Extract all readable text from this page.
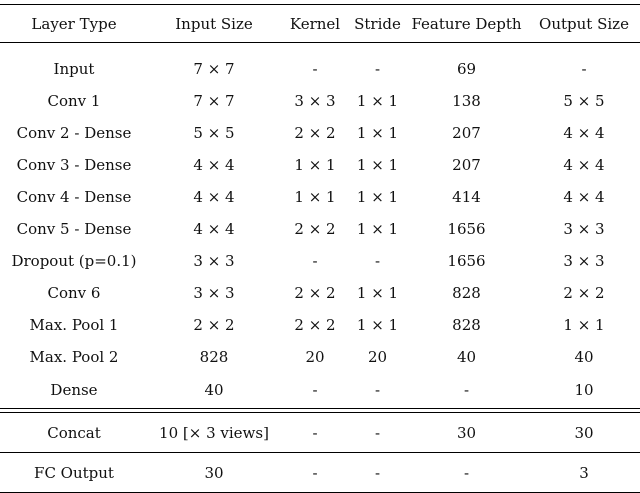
Layer Type	Input Size	Kernel	Stride	Feature Depth	Output Size
Input	7 × 7	-	-	69	-
Conv 1	7 × 7	3 × 3	1 × 1	138	5 × 5
Conv 2 - Dense	5 × 5	2 × 2	1 × 1	207	4 × 4
Conv 3 - Dense	4 × 4	1 × 1	1 × 1	207	4 × 4
Conv 4 - Dense	4 × 4	1 × 1	1 × 1	414	4 × 4
Conv 5 - Dense	4 × 4	2 × 2	1 × 1	1656	3 × 3
Dropout (p=0.1)	3 × 3	-	-	1656	3 × 3
Conv 6	3 × 3	2 × 2	1 × 1	828	2 × 2
Max. Pool 1	2 × 2	2 × 2	1 × 1	828	1 × 1
Max. Pool 2	828	20	20	40	40
Dense	40	-	-	-	10

Concat	10 [× 3 views]	-	-	30	30
FC Output	30	-	-	-	3
